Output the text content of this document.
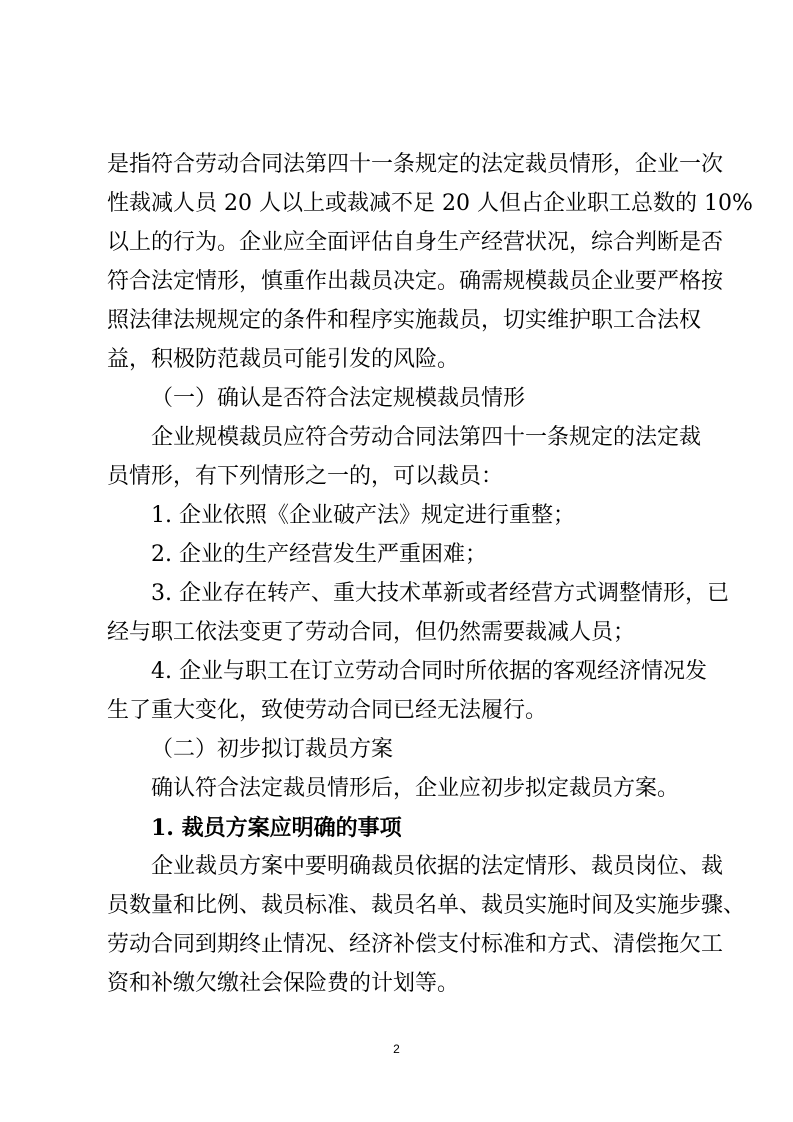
是指符合劳动合同法第四十一条规定的法定裁员情形，企业一次
性裁减人员 20 人以上或裁减不足 20 人但占企业职工总数的 10%
以上的行为。企业应全面评估自身生产经营状况，综合判断是否
符合法定情形，慎重作出裁员决定。确需规模裁员企业要严格按
照法律法规规定的条件和程序实施裁员，切实维护职工合法权
益，积极防范裁员可能引发的风险。
（一）确认是否符合法定规模裁员情形
企业规模裁员应符合劳动合同法第四十一条规定的法定裁
员情形，有下列情形之一的，可以裁员：
1. 企业依照《企业破产法》规定进行重整；
2. 企业的生产经营发生严重困难；
3. 企业存在转产、重大技术革新或者经营方式调整情形，已
经与职工依法变更了劳动合同，但仍然需要裁减人员；
4. 企业与职工在订立劳动合同时所依据的客观经济情况发
生了重大变化，致使劳动合同已经无法履行。
（二）初步拟订裁员方案
确认符合法定裁员情形后，企业应初步拟定裁员方案。
1. 裁员方案应明确的事项
企业裁员方案中要明确裁员依据的法定情形、裁员岗位、裁
员数量和比例、裁员标准、裁员名单、裁员实施时间及实施步骤、
劳动合同到期终止情况、经济补偿支付标准和方式、清偿拖欠工
资和补缴欠缴社会保险费的计划等。
2
